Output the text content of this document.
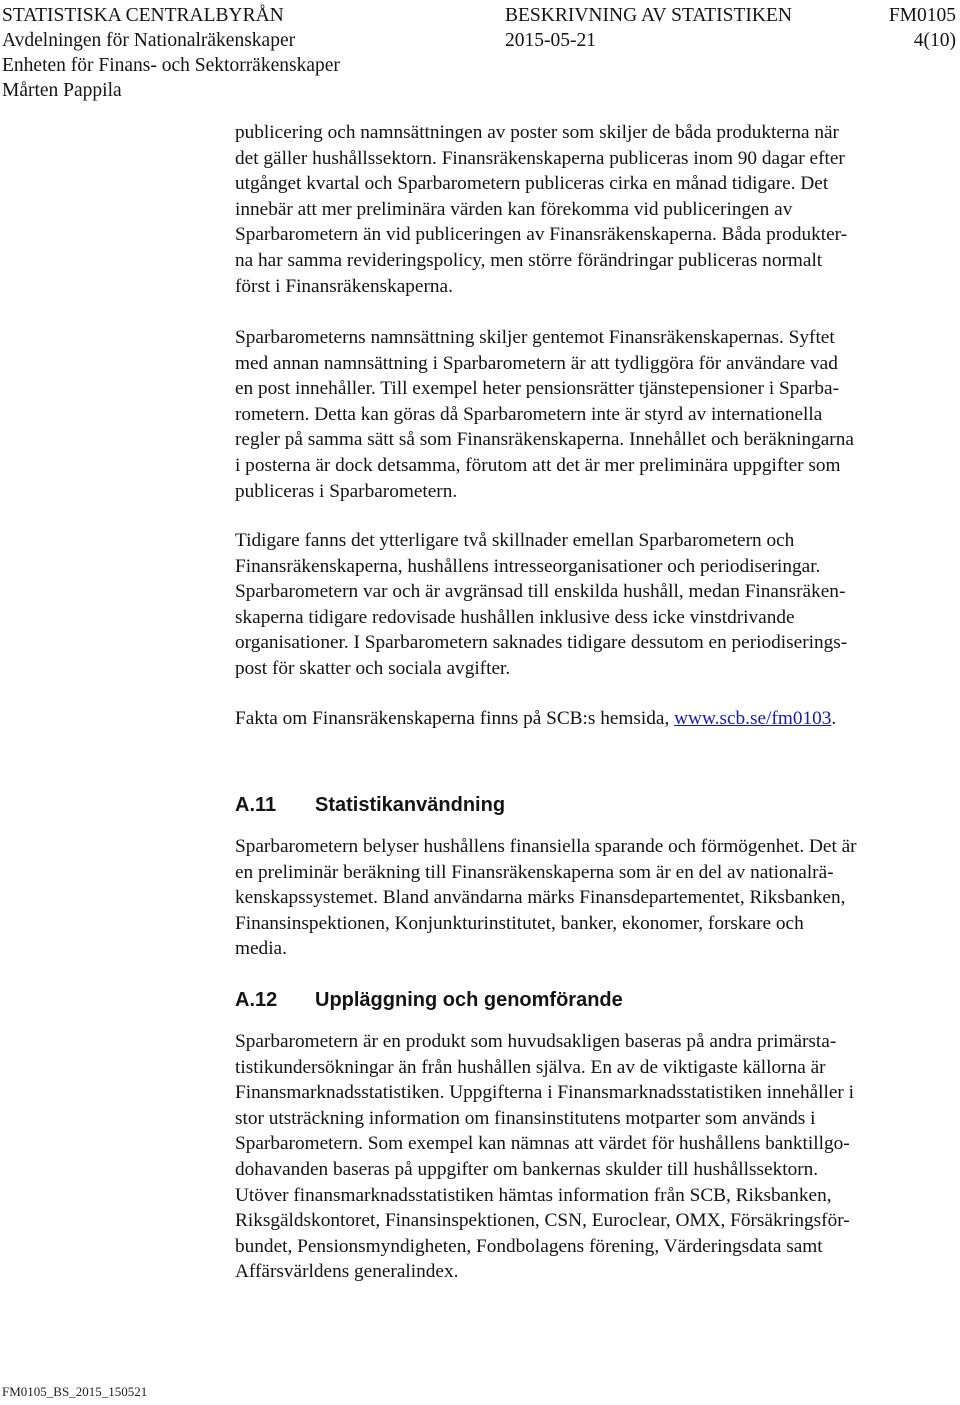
STATISTISKA CENTRALBYRÅN
Avdelningen för Nationalräkenskaper
Enheten för Finans- och Sektorräkenskaper
Mårten Pappila
BESKRIVNING AV STATISTIKEN
2015-05-21
FM0105
4(10)

publicering och namnsättningen av poster som skiljer de båda produkterna när
det gäller hushållssektorn. Finansräkenskaperna publiceras inom 90 dagar efter
utgånget kvartal och Sparbarometern publiceras cirka en månad tidigare. Det
innebär att mer preliminära värden kan förekomma vid publiceringen av
Sparbarometern än vid publiceringen av Finansräkenskaperna. Båda produkter-
na har samma revideringspolicy, men större förändringar publiceras normalt
först i Finansräkenskaperna.

Sparbarometerns namnsättning skiljer gentemot Finansräkenskapernas. Syftet
med annan namnsättning i Sparbarometern är att tydliggöra för användare vad
en post innehåller. Till exempel heter pensionsrätter tjänstepensioner i Sparba-
rometern. Detta kan göras då Sparbarometern inte är styrd av internationella
regler på samma sätt så som Finansräkenskaperna. Innehållet och beräkningarna
i posterna är dock detsamma, förutom att det är mer preliminära uppgifter som
publiceras i Sparbarometern.

Tidigare fanns det ytterligare två skillnader emellan Sparbarometern och
Finansräkenskaperna, hushållens intresseorganisationer och periodiseringar.
Sparbarometern var och är avgränsad till enskilda hushåll, medan Finansräken-
skaperna tidigare redovisade hushållen inklusive dess icke vinstdrivande
organisationer. I Sparbarometern saknades tidigare dessutom en periodiserings-
post för skatter och sociala avgifter.

Fakta om Finansräkenskaperna finns på SCB:s hemsida, www.scb.se/fm0103.

A.11 Statistikanvändning

Sparbarometern belyser hushållens finansiella sparande och förmögenhet. Det är
en preliminär beräkning till Finansräkenskaperna som är en del av nationalrä-
kenskapssystemet. Bland användarna märks Finansdepartementet, Riksbanken,
Finansinspektionen, Konjunkturinstitutet, banker, ekonomer, forskare och
media.

A.12 Uppläggning och genomförande

Sparbarometern är en produkt som huvudsakligen baseras på andra primärsta-
tistikundersökningar än från hushållen själva. En av de viktigaste källorna är
Finansmarknadsstatistiken. Uppgifterna i Finansmarknadsstatistiken innehåller i
stor utsträckning information om finansinstitutens motparter som används i
Sparbarometern. Som exempel kan nämnas att värdet för hushållens banktillgo-
dohavanden baseras på uppgifter om bankernas skulder till hushållssektorn.
Utöver finansmarknadsstatistiken hämtas information från SCB, Riksbanken,
Riksgäldskontoret, Finansinspektionen, CSN, Euroclear, OMX, Försäkringsför-
bundet, Pensionsmyndigheten, Fondbolagens förening, Värderingsdata samt
Affärsvärldens generalindex.

FM0105_BS_2015_150521
